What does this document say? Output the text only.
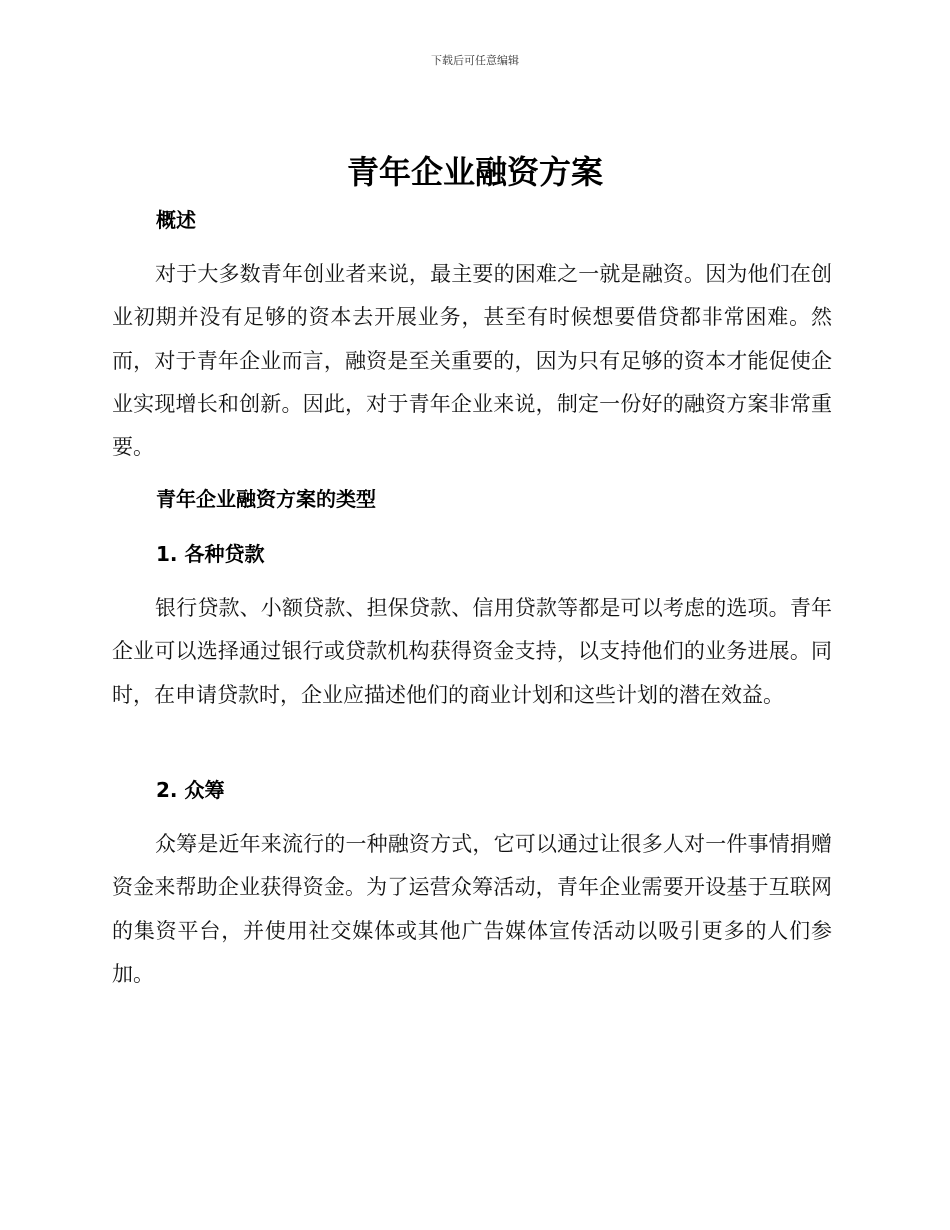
下载后可任意编辑
青年企业融资方案
概述

对于大多数青年创业者来说，最主要的困难之一就是融资。因为他们在创业初期并没有足够的资本去开展业务，甚至有时候想要借贷都非常困难。然而，对于青年企业而言，融资是至关重要的，因为只有足够的资本才能促使企业实现增长和创新。因此，对于青年企业来说，制定一份好的融资方案非常重要。

青年企业融资方案的类型
1. 各种贷款

银行贷款、小额贷款、担保贷款、信用贷款等都是可以考虑的选项。青年企业可以选择通过银行或贷款机构获得资金支持，以支持他们的业务进展。同时，在申请贷款时，企业应描述他们的商业计划和这些计划的潜在效益。

2. 众筹

众筹是近年来流行的一种融资方式，它可以通过让很多人对一件事情捐赠资金来帮助企业获得资金。为了运营众筹活动，青年企业需要开设基于互联网的集资平台，并使用社交媒体或其他广告媒体宣传活动以吸引更多的人们参加。
